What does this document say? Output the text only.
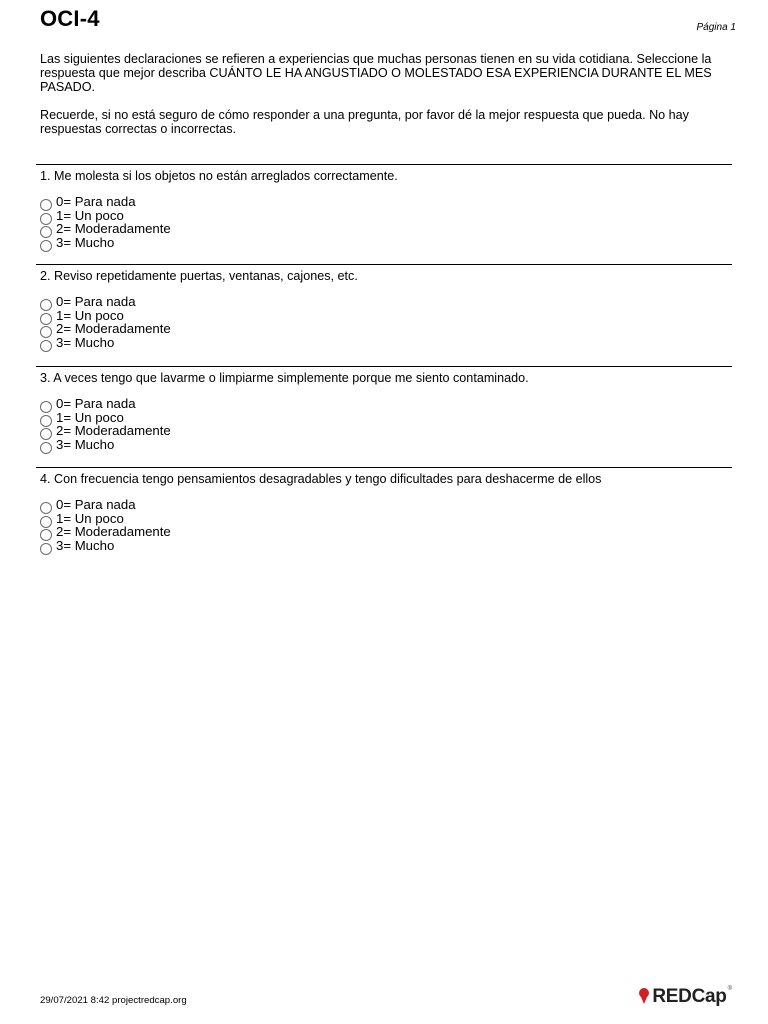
OCI-4	Página 1

Las siguientes declaraciones se refieren a experiencias que muchas personas tienen en su vida cotidiana. Seleccione la respuesta que mejor describa CUÁNTO LE HA ANGUSTIADO O MOLESTADO ESA EXPERIENCIA DURANTE EL MES PASADO.

Recuerde, si no está seguro de cómo responder a una pregunta, por favor dé la mejor respuesta que pueda. No hay respuestas correctas o incorrectas.

1. Me molesta si los objetos no están arreglados correctamente.
0= Para nada
1= Un poco
2= Moderadamente
3= Mucho
2. Reviso repetidamente puertas, ventanas, cajones, etc.
0= Para nada
1= Un poco
2= Moderadamente
3= Mucho
3. A veces tengo que lavarme o limpiarme simplemente porque me siento contaminado.
0= Para nada
1= Un poco
2= Moderadamente
3= Mucho
4. Con frecuencia tengo pensamientos desagradables y tengo dificultades para deshacerme de ellos
0= Para nada
1= Un poco
2= Moderadamente
3= Mucho
29/07/2021 8:42 projectredcap.org	REDCap ®
